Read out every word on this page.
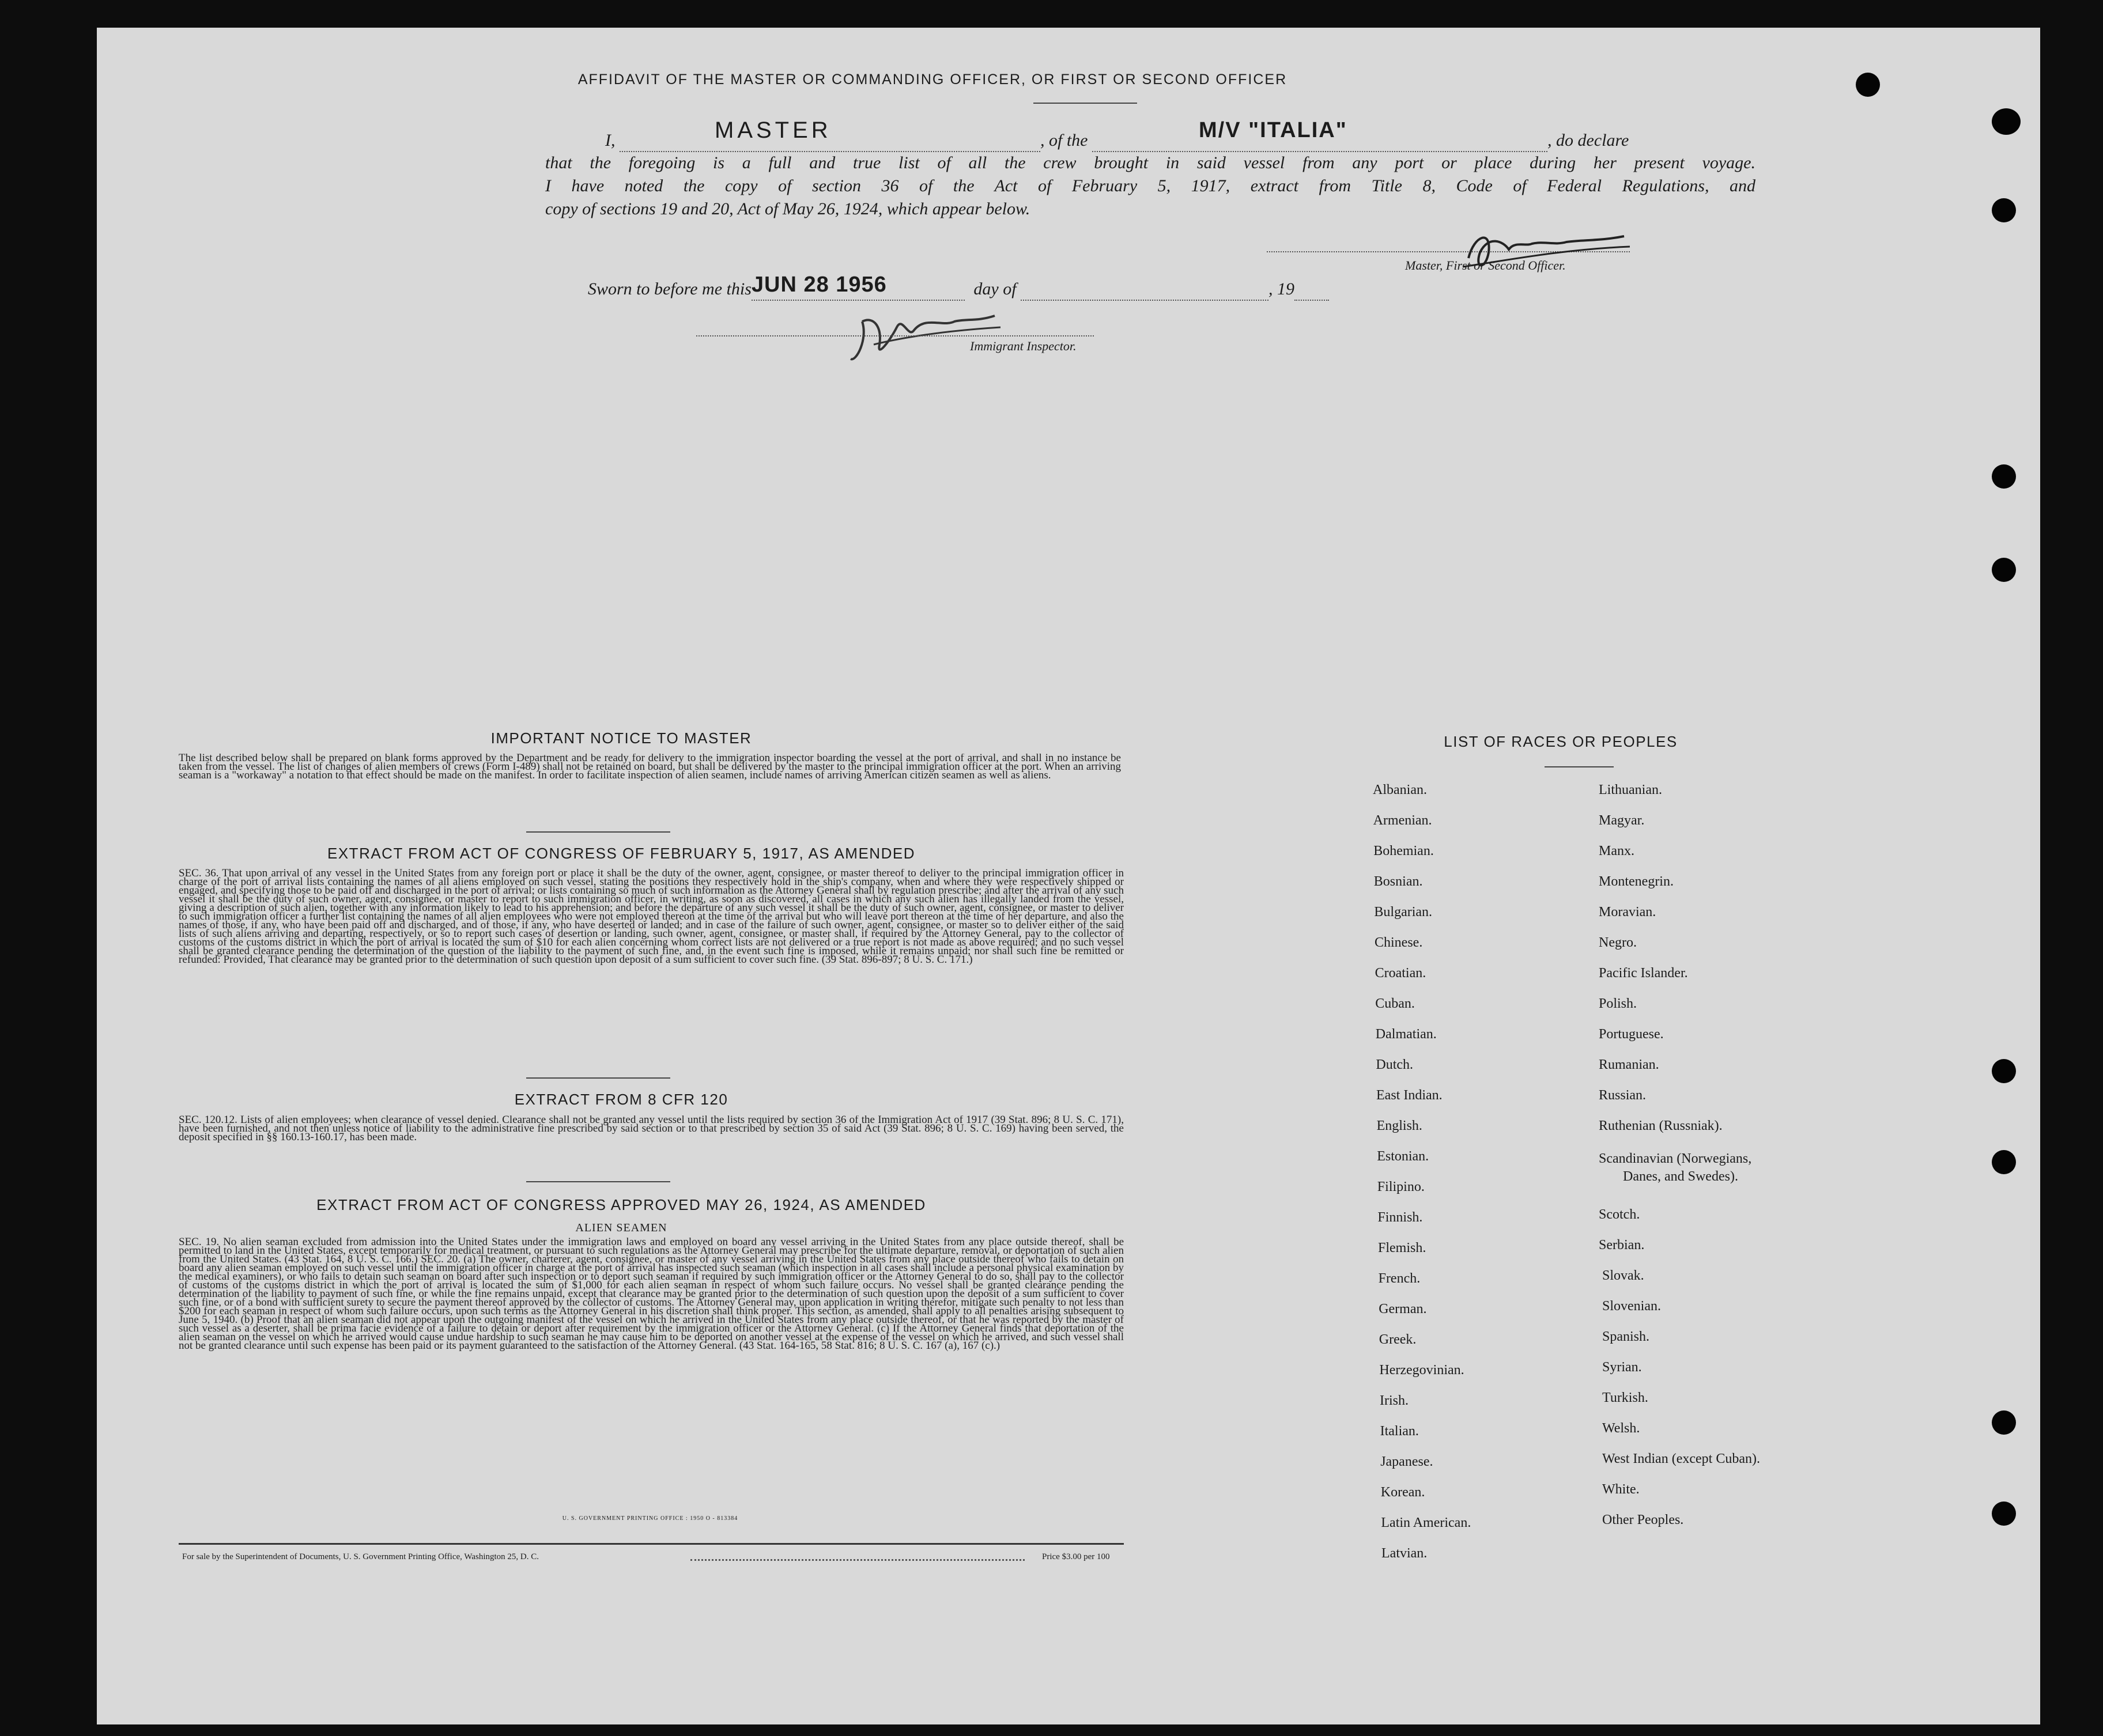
AFFIDAVIT OF THE MASTER OR COMMANDING OFFICER, OR FIRST OR SECOND OFFICER
I,	MASTER	, of the	M/V "ITALIA"	, do declare
that the foregoing is a full and true list of all the crew brought in said vessel from any port or place during her present voyage.
I have noted the copy of section 36 of the Act of February 5, 1917, extract from Title 8, Code of Federal Regulations, and
copy of sections 19 and 20, Act of May 26, 1924, which appear below.
Master, First or Second Officer.
Sworn to before me this JUN 28 1956	day of	, 19
Immigrant Inspector.
IMPORTANT NOTICE TO MASTER
The list described below shall be prepared on blank forms approved by the Department and be ready for delivery to the immigration inspector boarding the vessel at the port of arrival, and shall in no instance be taken from the vessel. The list of changes of alien members of crews (Form I-489) shall not be retained on board, but shall be delivered by the master to the principal immigration officer at the port. When an arriving seaman is a "workaway" a notation to that effect should be made on the manifest. In order to facilitate inspection of alien seamen, include names of arriving American citizen seamen as well as aliens.
EXTRACT FROM ACT OF CONGRESS OF FEBRUARY 5, 1917, AS AMENDED
SEC. 36. That upon arrival of any vessel in the United States from any foreign port or place it shall be the duty of the owner, agent, consignee, or master thereof to deliver to the principal immigration officer in charge of the port of arrival lists containing the names of all aliens employed on such vessel, stating the positions they respectively hold in the ship's company, when and where they were respectively shipped or engaged, and specifying those to be paid off and discharged in the port of arrival; or lists containing so much of such information as the Attorney General shall by regulation prescribe; and after the arrival of any such vessel it shall be the duty of such owner, agent, consignee, or master to report to such immigration officer, in writing, as soon as discovered, all cases in which any such alien has illegally landed from the vessel, giving a description of such alien, together with any information likely to lead to his apprehension; and before the departure of any such vessel it shall be the duty of such owner, agent, consignee, or master to deliver to such immigration officer a further list containing the names of all alien employees who were not employed thereon at the time of the arrival but who will leave port thereon at the time of her departure, and also the names of those, if any, who have been paid off and discharged, and of those, if any, who have deserted or landed; and in case of the failure of such owner, agent, consignee, or master so to deliver either of the said lists of such aliens arriving and departing, respectively, or so to report such cases of desertion or landing, such owner, agent, consignee, or master shall, if required by the Attorney General, pay to the collector of customs of the customs district in which the port of arrival is located the sum of $10 for each alien concerning whom correct lists are not delivered or a true report is not made as above required; and no such vessel shall be granted clearance pending the determination of the question of the liability to the payment of such fine, and, in the event such fine is imposed, while it remains unpaid; nor shall such fine be remitted or refunded: Provided, That clearance may be granted prior to the determination of such question upon deposit of a sum sufficient to cover such fine. (39 Stat. 896-897; 8 U. S. C. 171.)
EXTRACT FROM 8 CFR 120
SEC. 120.12. Lists of alien employees; when clearance of vessel denied. Clearance shall not be granted any vessel until the lists required by section 36 of the Immigration Act of 1917 (39 Stat. 896; 8 U. S. C. 171), have been furnished, and not then unless notice of liability to the administrative fine prescribed by said section or to that prescribed by section 35 of said Act (39 Stat. 896; 8 U. S. C. 169) having been served, the deposit specified in §§ 160.13-160.17, has been made.
EXTRACT FROM ACT OF CONGRESS APPROVED MAY 26, 1924, AS AMENDED
ALIEN SEAMEN
SEC. 19. No alien seaman excluded from admission into the United States under the immigration laws and employed on board any vessel arriving in the United States from any place outside thereof, shall be permitted to land in the United States, except temporarily for medical treatment, or pursuant to such regulations as the Attorney General may prescribe for the ultimate departure, removal, or deportation of such alien from the United States. (43 Stat. 164, 8 U. S. C. 166.) SEC. 20. (a) The owner, charterer, agent, consignee, or master of any vessel arriving in the United States from any place outside thereof who fails to detain on board any alien seaman employed on such vessel until the immigration officer in charge at the port of arrival has inspected such seaman (which inspection in all cases shall include a personal physical examination by the medical examiners), or who fails to detain such seaman on board after such inspection or to deport such seaman if required by such immigration officer or the Attorney General to do so, shall pay to the collector of customs of the customs district in which the port of arrival is located the sum of $1,000 for each alien seaman in respect of whom such failure occurs. No vessel shall be granted clearance pending the determination of the liability to payment of such fine, or while the fine remains unpaid, except that clearance may be granted prior to the determination of such question upon the deposit of a sum sufficient to cover such fine, or of a bond with sufficient surety to secure the payment thereof approved by the collector of customs. The Attorney General may, upon application in writing therefor, mitigate such penalty to not less than $200 for each seaman in respect of whom such failure occurs, upon such terms as the Attorney General in his discretion shall think proper. This section, as amended, shall apply to all penalties arising subsequent to June 5, 1940. (b) Proof that an alien seaman did not appear upon the outgoing manifest of the vessel on which he arrived in the United States from any place outside thereof, or that he was reported by the master of such vessel as a deserter, shall be prima facie evidence of a failure to detain or deport after requirement by the immigration officer or the Attorney General. (c) If the Attorney General finds that deportation of the alien seaman on the vessel on which he arrived would cause undue hardship to such seaman he may cause him to be deported on another vessel at the expense of the vessel on which he arrived, and such vessel shall not be granted clearance until such expense has been paid or its payment guaranteed to the satisfaction of the Attorney General. (43 Stat. 164-165, 58 Stat. 816; 8 U. S. C. 167 (a), 167 (c).)
U. S. GOVERNMENT PRINTING OFFICE : 1950 O - 813384
For sale by the Superintendent of Documents, U. S. Government Printing Office, Washington 25, D. C.	Price $3.00 per 100
LIST OF RACES OR PEOPLES
Albanian.
Armenian.
Bohemian.
Bosnian.
Bulgarian.
Chinese.
Croatian.
Cuban.
Dalmatian.
Dutch.
East Indian.
English.
Estonian.
Filipino.
Finnish.
Flemish.
French.
German.
Greek.
Herzegovinian.
Irish.
Italian.
Japanese.
Korean.
Latin American.
Latvian.
Lithuanian.
Magyar.
Manx.
Montenegrin.
Moravian.
Negro.
Pacific Islander.
Polish.
Portuguese.
Rumanian.
Russian.
Ruthenian (Russniak).
Scandinavian (Norwegians,
Danes, and Swedes).
Scotch.
Serbian.
Slovak.
Slovenian.
Spanish.
Syrian.
Turkish.
Welsh.
West Indian (except Cuban).
White.
Other Peoples.
